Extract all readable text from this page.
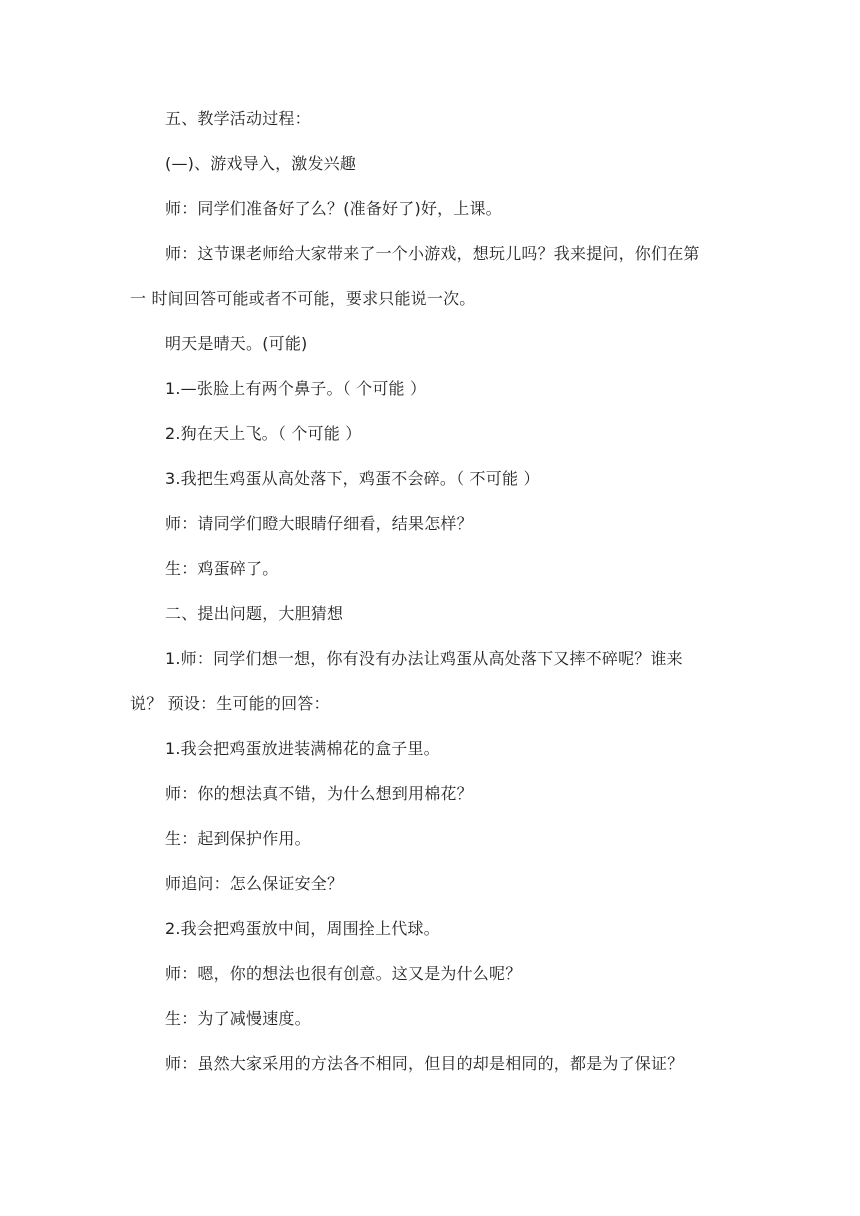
五、教学活动过程：
(—)、游戏导入，激发兴趣
师：同学们准备好了么？(准备好了)好，上课。
师：这节课老师给大家带来了一个小游戏，想玩儿吗？我来提问，你们在第
一 时间回答可能或者不可能，要求只能说一次。
明天是晴天。(可能)
1.—张脸上有两个鼻子。（ 个可能 ）
2.狗在天上飞。（ 个可能 ）
3.我把生鸡蛋从高处落下，鸡蛋不会碎。（ 不可能 ）
师：请同学们瞪大眼睛仔细看，结果怎样？
生：鸡蛋碎了。
二、提出问题，大胆猜想
1.师：同学们想一想，你有没有办法让鸡蛋从高处落下又摔不碎呢？谁来
说？ 预设：生可能的回答：
1.我会把鸡蛋放进装满棉花的盒子里。
师：你的想法真不错，为什么想到用棉花？
生：起到保护作用。
师追问：怎么保证安全？
2.我会把鸡蛋放中间，周围拴上代球。
师：嗯，你的想法也很有创意。这又是为什么呢？
生：为了减慢速度。
师：虽然大家采用的方法各不相同，但目的却是相同的，都是为了保证？
